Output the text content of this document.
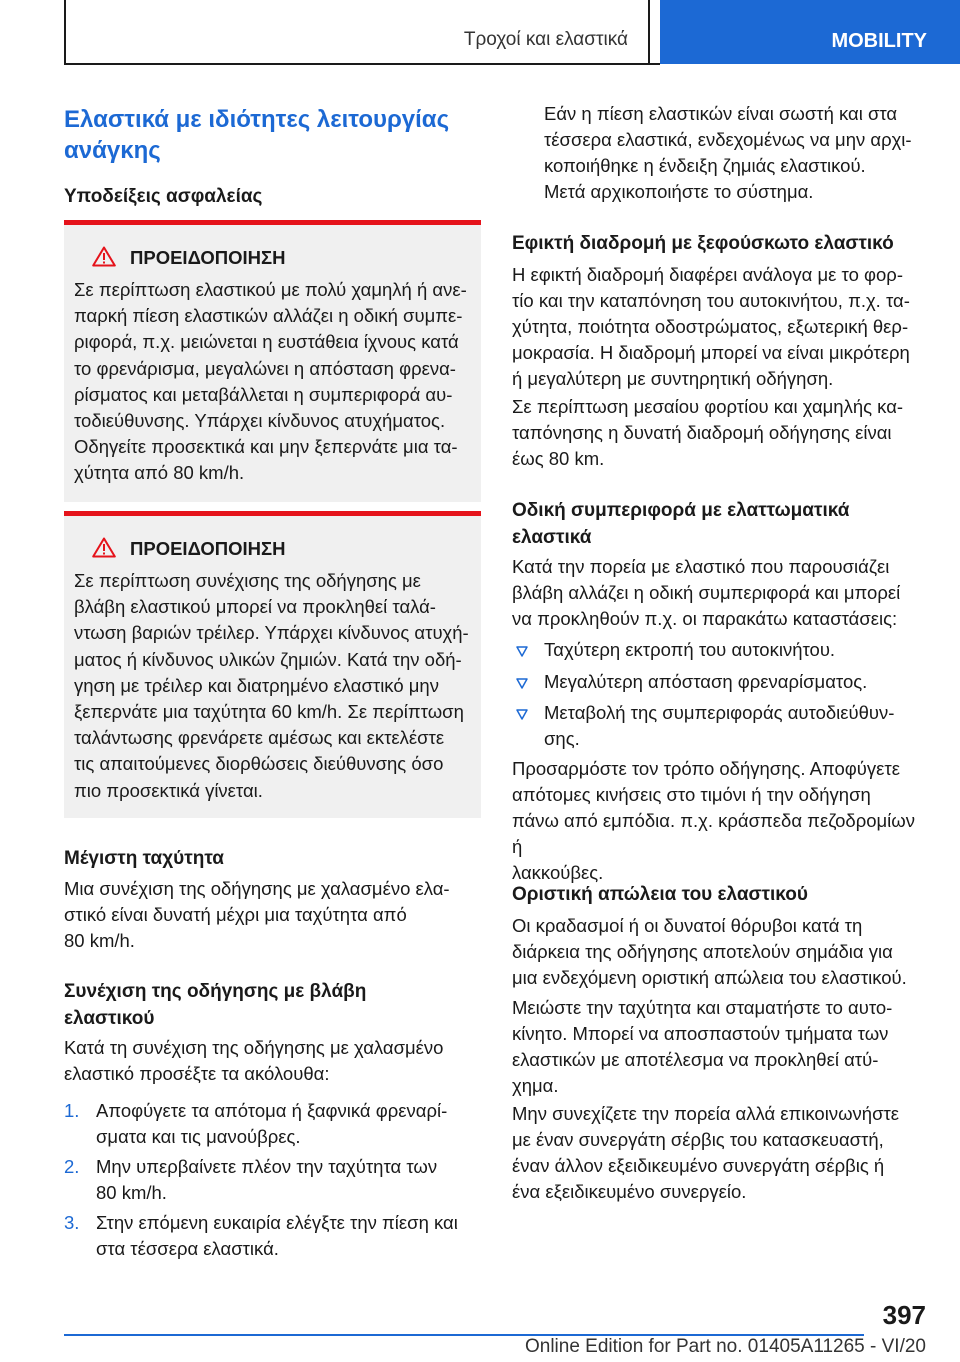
Τροχοί και ελαστικά	MOBILITY
Ελαστικά με ιδιότητες λειτουργίας
ανάγκης
Υποδείξεις ασφαλείας
ΠΡΟΕΙΔΟΠΟΙΗΣΗ
Σε περίπτωση ελαστικού με πολύ χαμηλή ή ανε-
παρκή πίεση ελαστικών αλλάζει η οδική συμπε-
ριφορά, π.χ. μειώνεται η ευστάθεια ίχνους κατά
το φρενάρισμα, μεγαλώνει η απόσταση φρενα-
ρίσματος και μεταβάλλεται η συμπεριφορά αυ-
τοδιεύθυνσης. Υπάρχει κίνδυνος ατυχήματος.
Οδηγείτε προσεκτικά και μην ξεπερνάτε μια τα-
χύτητα από 80 km/h.
ΠΡΟΕΙΔΟΠΟΙΗΣΗ
Σε περίπτωση συνέχισης της οδήγησης με
βλάβη ελαστικού μπορεί να προκληθεί ταλά-
ντωση βαριών τρέιλερ. Υπάρχει κίνδυνος ατυχή-
ματος ή κίνδυνος υλικών ζημιών. Κατά την οδή-
γηση με τρέιλερ και διατρημένο ελαστικό μην
ξεπερνάτε μια ταχύτητα 60 km/h. Σε περίπτωση
ταλάντωσης φρενάρετε αμέσως και εκτελέστε
τις απαιτούμενες διορθώσεις διεύθυνσης όσο
πιο προσεκτικά γίνεται.
Μέγιστη ταχύτητα
Μια συνέχιση της οδήγησης με χαλασμένο ελα-
στικό είναι δυνατή μέχρι μια ταχύτητα από
80 km/h.
Συνέχιση της οδήγησης με βλάβη
ελαστικού
Κατά τη συνέχιση της οδήγησης με χαλασμένο
ελαστικό προσέξτε τα ακόλουθα:
1. Αποφύγετε τα απότομα ή ξαφνικά φρεναρί-
σματα και τις μανούβρες.
2. Μην υπερβαίνετε πλέον την ταχύτητα των
80 km/h.
3. Στην επόμενη ευκαιρία ελέγξτε την πίεση και
στα τέσσερα ελαστικά.
Εάν η πίεση ελαστικών είναι σωστή και στα
τέσσερα ελαστικά, ενδεχομένως να μην αρχι-
κοποιήθηκε η ένδειξη ζημιάς ελαστικού.
Μετά αρχικοποιήστε το σύστημα.
Εφικτή διαδρομή με ξεφούσκωτο ελαστικό
Η εφικτή διαδρομή διαφέρει ανάλογα με το φορ-
τίο και την καταπόνηση του αυτοκινήτου, π.χ. τα-
χύτητα, ποιότητα οδοστρώματος, εξωτερική θερ-
μοκρασία. Η διαδρομή μπορεί να είναι μικρότερη
ή μεγαλύτερη με συντηρητική οδήγηση.
Σε περίπτωση μεσαίου φορτίου και χαμηλής κα-
ταπόνησης η δυνατή διαδρομή οδήγησης είναι
έως 80 km.
Οδική συμπεριφορά με ελαττωματικά
ελαστικά
Κατά την πορεία με ελαστικό που παρουσιάζει
βλάβη αλλάζει η οδική συμπεριφορά και μπορεί
να προκληθούν π.χ. οι παρακάτω καταστάσεις:
Ταχύτερη εκτροπή του αυτοκινήτου.
Μεγαλύτερη απόσταση φρεναρίσματος.
Μεταβολή της συμπεριφοράς αυτοδιεύθυν-
σης.
Προσαρμόστε τον τρόπο οδήγησης. Αποφύγετε
απότομες κινήσεις στο τιμόνι ή την οδήγηση
πάνω από εμπόδια. π.χ. κράσπεδα πεζοδρομίων ή
λακκούβες.
Οριστική απώλεια του ελαστικού
Οι κραδασμοί ή οι δυνατοί θόρυβοι κατά τη
διάρκεια της οδήγησης αποτελούν σημάδια για
μια ενδεχόμενη οριστική απώλεια του ελαστικού.
Μειώστε την ταχύτητα και σταματήστε το αυτο-
κίνητο. Μπορεί να αποσπαστούν τμήματα των
ελαστικών με αποτέλεσμα να προκληθεί ατύ-
χημα.
Μην συνεχίζετε την πορεία αλλά επικοινωνήστε
με έναν συνεργάτη σέρβις του κατασκευαστή,
έναν άλλον εξειδικευμένο συνεργάτη σέρβις ή
ένα εξειδικευμένο συνεργείο.
397
Online Edition for Part no. 01405A11265 - VI/20
